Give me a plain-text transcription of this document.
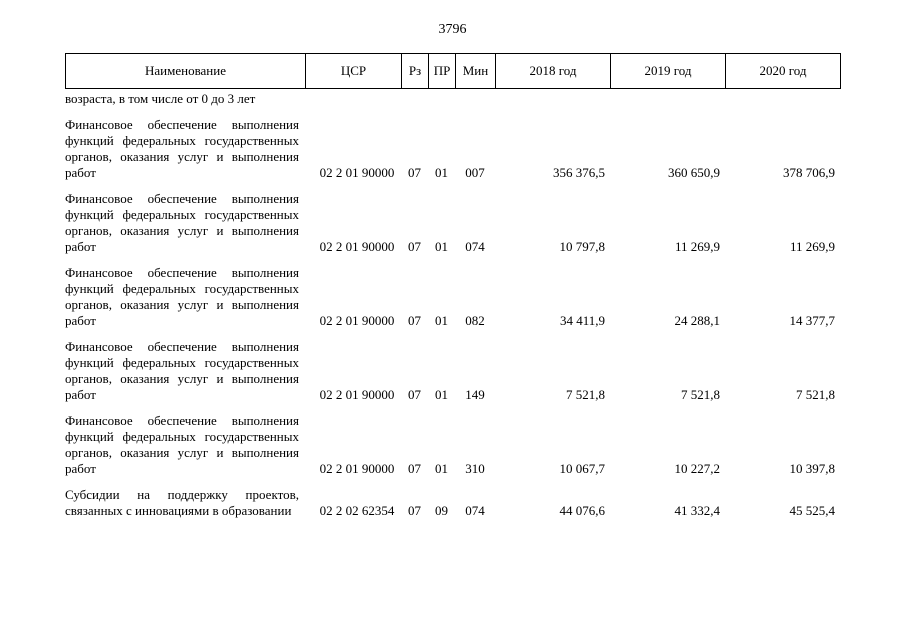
3796
Наименование	ЦСР	Рз	ПР	Мин	2018 год	2019 год	2020 год
возраста, в том числе от 0 до 3 лет							

Финансовое обеспечение выполнения функций федеральных государственных органов, оказания услуг и выполнения работ	02 2 01 90000	07	01	007	356 376,5	360 650,9	378 706,9

Финансовое обеспечение выполнения функций федеральных государственных органов, оказания услуг и выполнения работ	02 2 01 90000	07	01	074	10 797,8	11 269,9	11 269,9

Финансовое обеспечение выполнения функций федеральных государственных органов, оказания услуг и выполнения работ	02 2 01 90000	07	01	082	34 411,9	24 288,1	14 377,7

Финансовое обеспечение выполнения функций федеральных государственных органов, оказания услуг и выполнения работ	02 2 01 90000	07	01	149	7 521,8	7 521,8	7 521,8

Финансовое обеспечение выполнения функций федеральных государственных органов, оказания услуг и выполнения работ	02 2 01 90000	07	01	310	10 067,7	10 227,2	10 397,8

Субсидии на поддержку проектов, связанных с инновациями в образовании	02 2 02 62354	07	09	074	44 076,6	41 332,4	45 525,4
